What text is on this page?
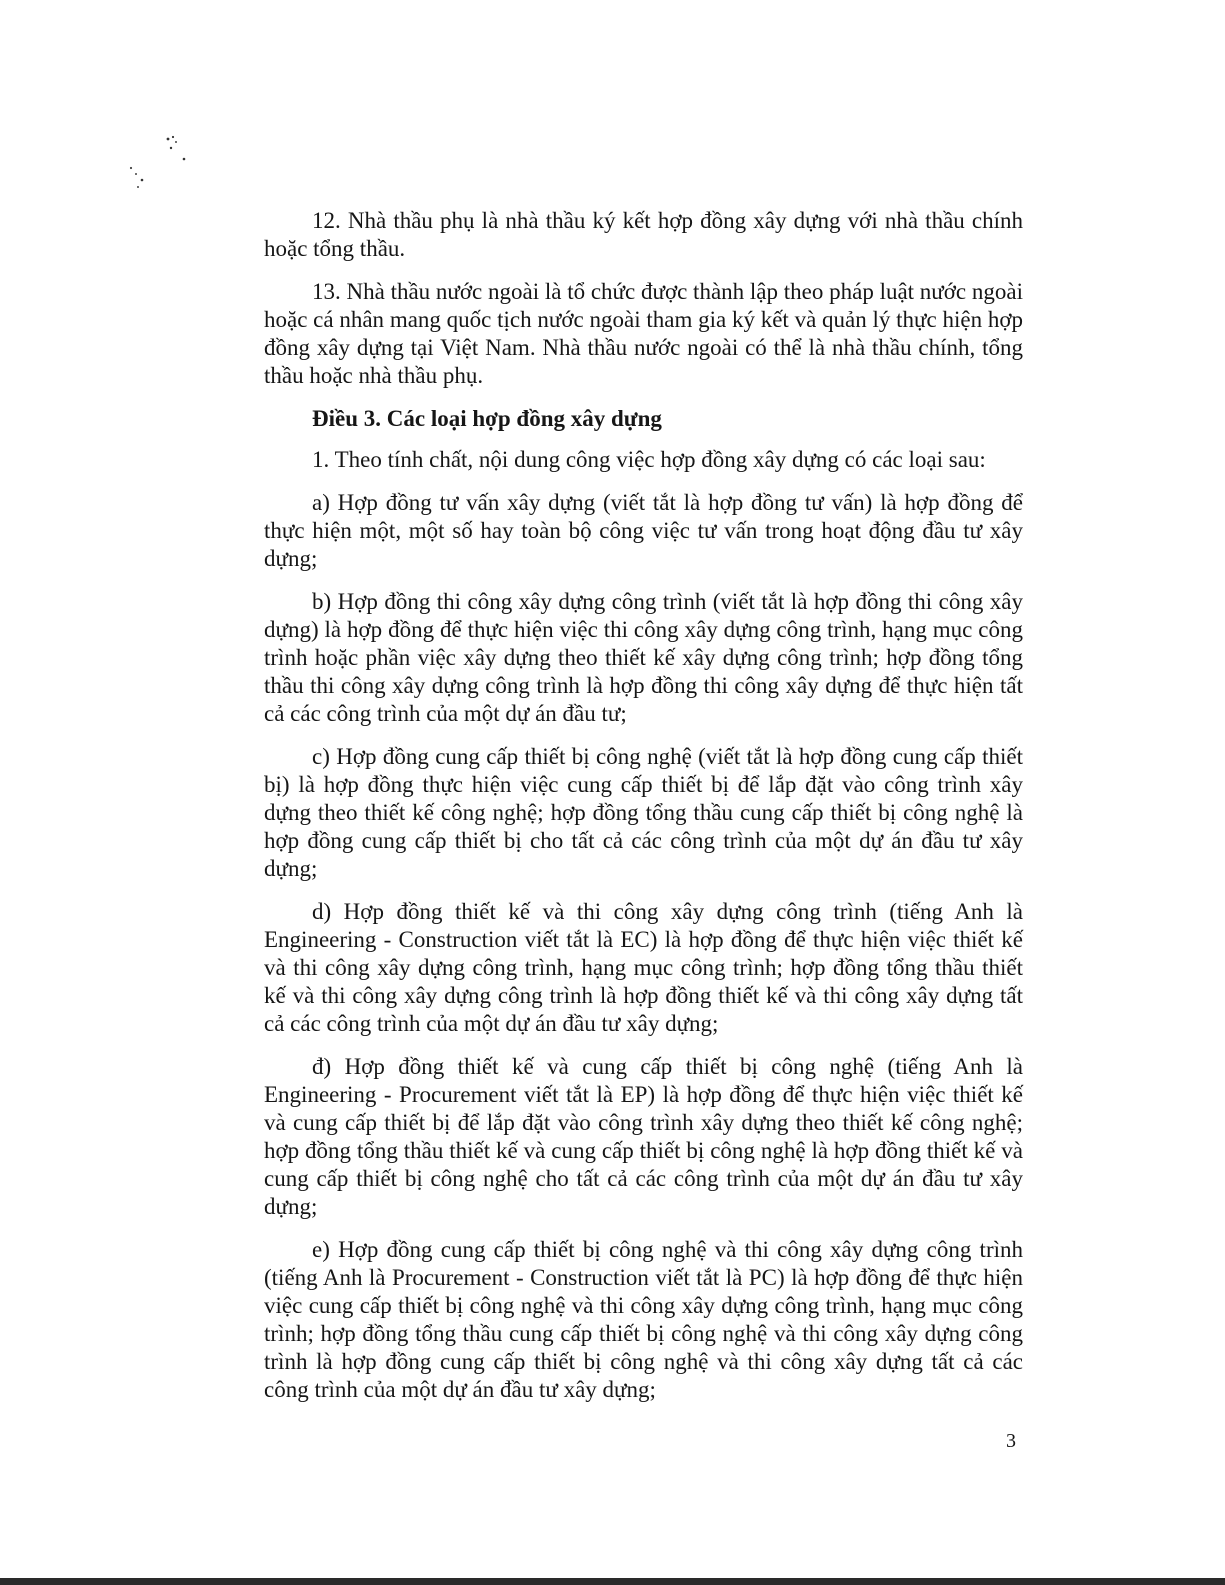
12. Nhà thầu phụ là nhà thầu ký kết hợp đồng xây dựng với nhà thầu chính hoặc tổng thầu.

13. Nhà thầu nước ngoài là tổ chức được thành lập theo pháp luật nước ngoài hoặc cá nhân mang quốc tịch nước ngoài tham gia ký kết và quản lý thực hiện hợp đồng xây dựng tại Việt Nam. Nhà thầu nước ngoài có thể là nhà thầu chính, tổng thầu hoặc nhà thầu phụ.

Điều 3. Các loại hợp đồng xây dựng

1. Theo tính chất, nội dung công việc hợp đồng xây dựng có các loại sau:

a) Hợp đồng tư vấn xây dựng (viết tắt là hợp đồng tư vấn) là hợp đồng để thực hiện một, một số hay toàn bộ công việc tư vấn trong hoạt động đầu tư xây dựng;

b) Hợp đồng thi công xây dựng công trình (viết tắt là hợp đồng thi công xây dựng) là hợp đồng để thực hiện việc thi công xây dựng công trình, hạng mục công trình hoặc phần việc xây dựng theo thiết kế xây dựng công trình; hợp đồng tổng thầu thi công xây dựng công trình là hợp đồng thi công xây dựng để thực hiện tất cả các công trình của một dự án đầu tư;

c) Hợp đồng cung cấp thiết bị công nghệ (viết tắt là hợp đồng cung cấp thiết bị) là hợp đồng thực hiện việc cung cấp thiết bị để lắp đặt vào công trình xây dựng theo thiết kế công nghệ; hợp đồng tổng thầu cung cấp thiết bị công nghệ là hợp đồng cung cấp thiết bị cho tất cả các công trình của một dự án đầu tư xây dựng;

d) Hợp đồng thiết kế và thi công xây dựng công trình (tiếng Anh là Engineering - Construction viết tắt là EC) là hợp đồng để thực hiện việc thiết kế và thi công xây dựng công trình, hạng mục công trình; hợp đồng tổng thầu thiết kế và thi công xây dựng công trình là hợp đồng thiết kế và thi công xây dựng tất cả các công trình của một dự án đầu tư xây dựng;

đ) Hợp đồng thiết kế và cung cấp thiết bị công nghệ (tiếng Anh là Engineering - Procurement viết tắt là EP) là hợp đồng để thực hiện việc thiết kế và cung cấp thiết bị để lắp đặt vào công trình xây dựng theo thiết kế công nghệ; hợp đồng tổng thầu thiết kế và cung cấp thiết bị công nghệ là hợp đồng thiết kế và cung cấp thiết bị công nghệ cho tất cả các công trình của một dự án đầu tư xây dựng;

e) Hợp đồng cung cấp thiết bị công nghệ và thi công xây dựng công trình (tiếng Anh là Procurement - Construction viết tắt là PC) là hợp đồng để thực hiện việc cung cấp thiết bị công nghệ và thi công xây dựng công trình, hạng mục công trình; hợp đồng tổng thầu cung cấp thiết bị công nghệ và thi công xây dựng công trình là hợp đồng cung cấp thiết bị công nghệ và thi công xây dựng tất cả các công trình của một dự án đầu tư xây dựng;

3
